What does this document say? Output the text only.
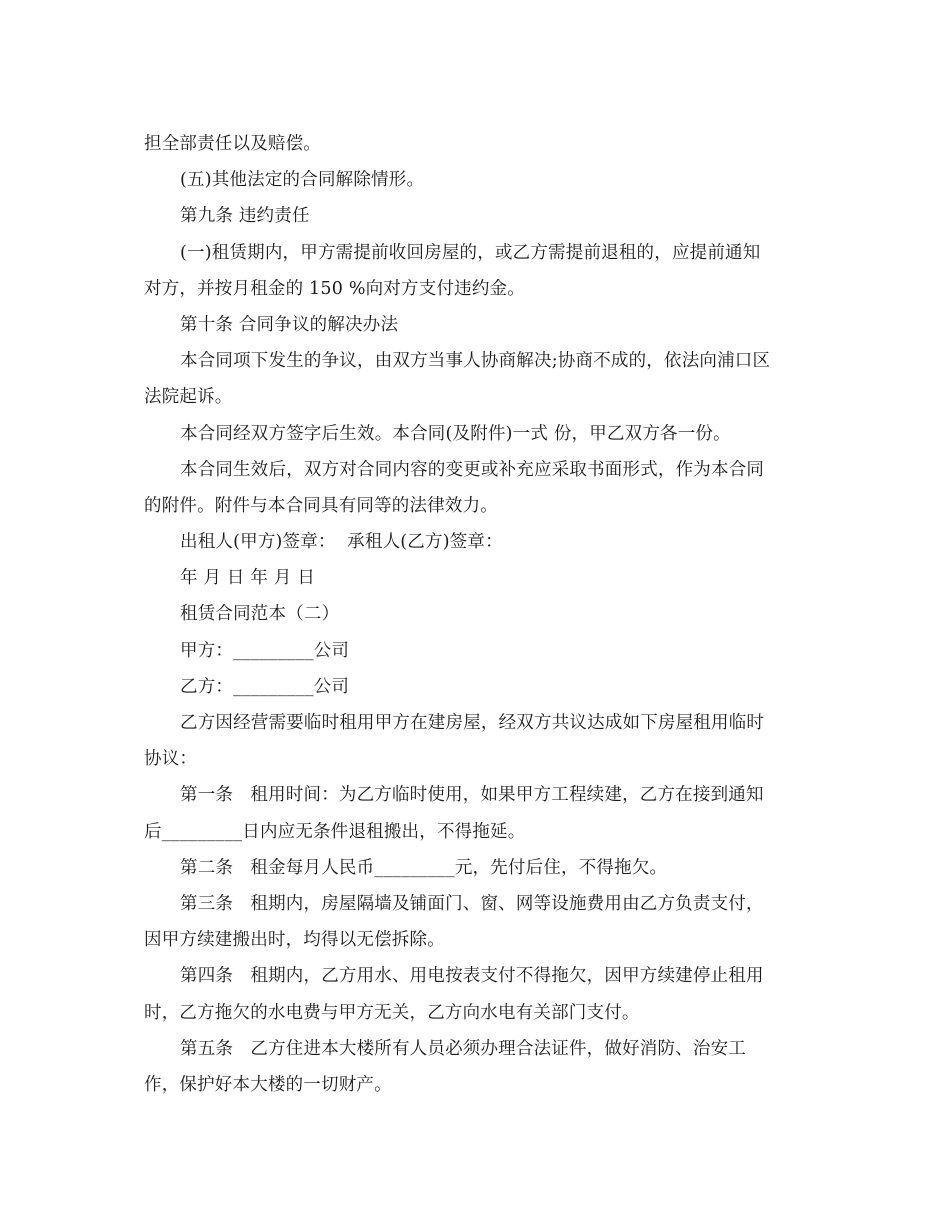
担全部责任以及赔偿。
(五)其他法定的合同解除情形。
第九条 违约责任
(一)租赁期内，甲方需提前收回房屋的，或乙方需提前退租的，应提前通知
对方，并按月租金的 150 %向对方支付违约金。
第十条 合同争议的解决办法
本合同项下发生的争议，由双方当事人协商解决;协商不成的，依法向浦口区
法院起诉。
本合同经双方签字后生效。本合同(及附件)一式 份，甲乙双方各一份。
本合同生效后，双方对合同内容的变更或补充应采取书面形式，作为本合同
的附件。附件与本合同具有同等的法律效力。
出租人(甲方)签章：  承租人(乙方)签章：
年 月 日 年 月 日
租赁合同范本（二）
甲方：_________公司
乙方：_________公司
乙方因经营需要临时租用甲方在建房屋，经双方共议达成如下房屋租用临时
协议：
第一条   租用时间：为乙方临时使用，如果甲方工程续建，乙方在接到通知
后_________日内应无条件退租搬出，不得拖延。
第二条   租金每月人民币_________元，先付后住，不得拖欠。
第三条   租期内，房屋隔墙及铺面门、窗、网等设施费用由乙方负责支付，
因甲方续建搬出时，均得以无偿拆除。
第四条   租期内，乙方用水、用电按表支付不得拖欠，因甲方续建停止租用
时，乙方拖欠的水电费与甲方无关，乙方向水电有关部门支付。
第五条   乙方住进本大楼所有人员必须办理合法证件，做好消防、治安工
作，保护好本大楼的一切财产。
